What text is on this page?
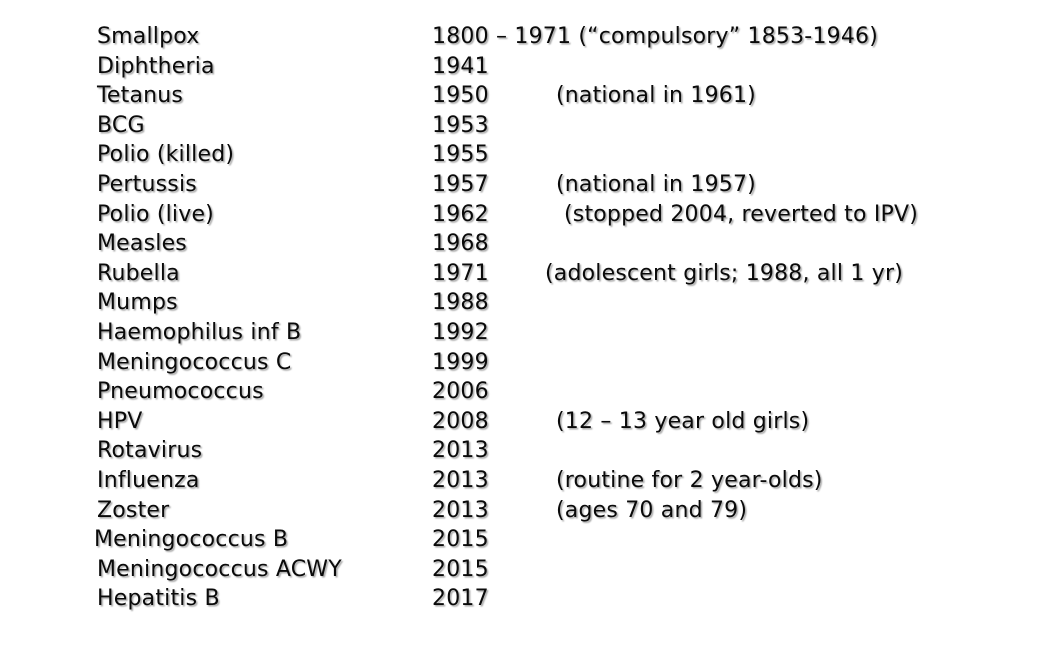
Smallpox	1800 – 1971 (“compulsory” 1853-1946)
Diphtheria	1941
Tetanus	1950	(national in 1961)
BCG	1953
Polio (killed)	1955
Pertussis	1957	(national in 1957)
Polio (live)	1962	(stopped 2004, reverted to IPV)
Measles	1968
Rubella	1971	(adolescent girls; 1988, all 1 yr)
Mumps	1988
Haemophilus inf B	1992
Meningococcus C	1999
Pneumococcus	2006
HPV	2008	(12 – 13 year old girls)
Rotavirus	2013
Influenza	2013	(routine for 2 year-olds)
Zoster	2013	(ages 70 and 79)
Meningococcus B	2015
Meningococcus ACWY	2015
Hepatitis B	2017
